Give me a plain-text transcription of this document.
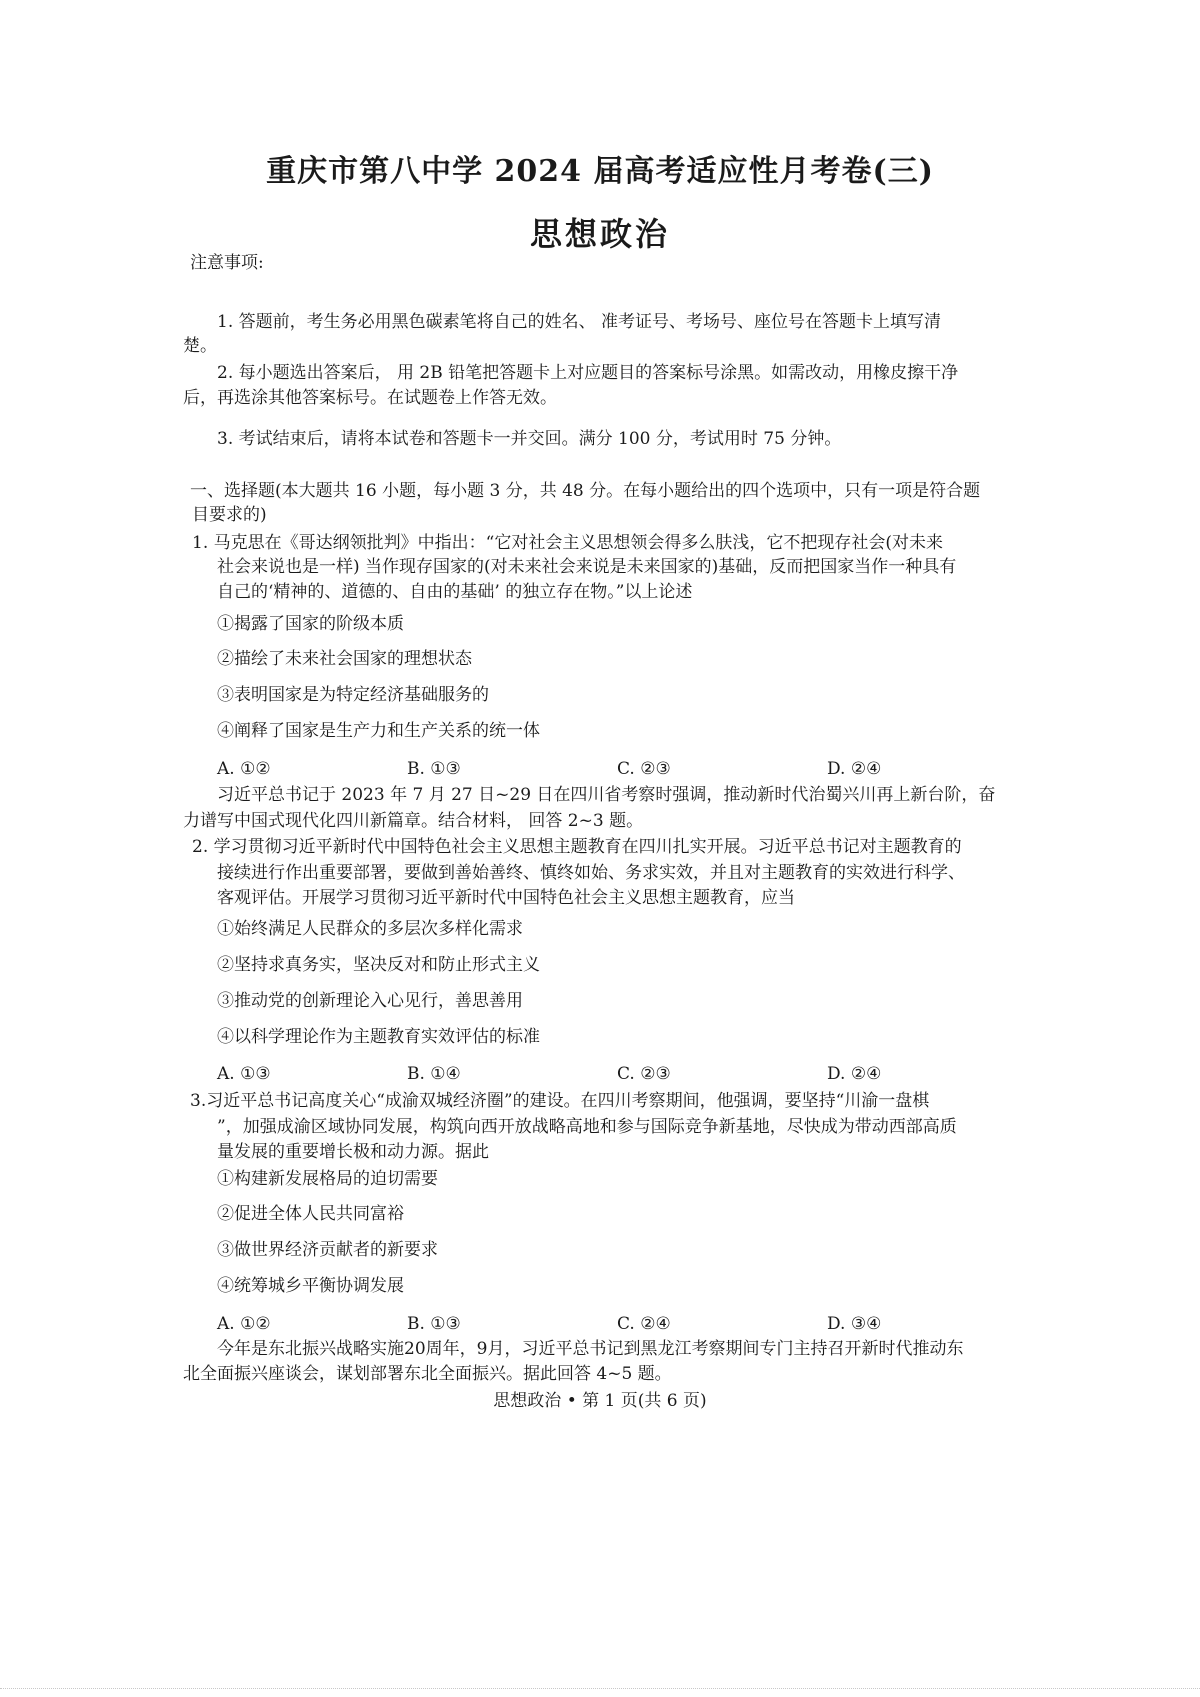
重庆市第八中学 2024 届高考适应性月考卷(三)
思想政治
注意事项:
1. 答题前，考生务必用黑色碳素笔将自己的姓名、 准考证号、考场号、座位号在答题卡上填写清
楚。
2. 每小题选出答案后， 用 2B 铅笔把答题卡上对应题目的答案标号涂黑。如需改动，用橡皮擦干净
后，再选涂其他答案标号。在试题卷上作答无效。
3. 考试结束后，请将本试卷和答题卡一并交回。满分 100 分，考试用时 75 分钟。
一、选择题(本大题共 16 小题，每小题 3 分，共 48 分。在每小题给出的四个选项中，只有一项是符合题
目要求的)
1. 马克思在《哥达纲领批判》中指出：“它对社会主义思想领会得多么肤浅，它不把现存社会(对未来
社会来说也是一样) 当作现存国家的(对未来社会来说是未来国家的)基础，反而把国家当作一种具有
自己的‘精神的、道德的、自由的基础’ 的独立存在物。”以上论述
①揭露了国家的阶级本质
②描绘了未来社会国家的理想状态
③表明国家是为特定经济基础服务的
④阐释了国家是生产力和生产关系的统一体
A. ①②	B. ①③	C. ②③	D. ②④
习近平总书记于 2023 年 7 月 27 日~29 日在四川省考察时强调，推动新时代治蜀兴川再上新台阶，奋
力谱写中国式现代化四川新篇章。结合材料， 回答 2~3 题。
2. 学习贯彻习近平新时代中国特色社会主义思想主题教育在四川扎实开展。习近平总书记对主题教育的
接续进行作出重要部署，要做到善始善终、慎终如始、务求实效，并且对主题教育的实效进行科学、
客观评估。开展学习贯彻习近平新时代中国特色社会主义思想主题教育，应当
①始终满足人民群众的多层次多样化需求
②坚持求真务实，坚决反对和防止形式主义
③推动党的创新理论入心见行，善思善用
④以科学理论作为主题教育实效评估的标准
A. ①③	B. ①④	C. ②③	D. ②④
3.习近平总书记高度关心“成渝双城经济圈”的建设。在四川考察期间，他强调，要坚持“川渝一盘棋
”，加强成渝区域协同发展，构筑向西开放战略高地和参与国际竞争新基地，尽快成为带动西部高质
量发展的重要增长极和动力源。据此
①构建新发展格局的迫切需要
②促进全体人民共同富裕
③做世界经济贡献者的新要求
④统筹城乡平衡协调发展
A. ①②	B. ①③	C. ②④	D. ③④
今年是东北振兴战略实施20周年，9月，习近平总书记到黑龙江考察期间专门主持召开新时代推动东
北全面振兴座谈会，谋划部署东北全面振兴。据此回答 4~5 题。
思想政治 • 第 1 页(共 6 页)
